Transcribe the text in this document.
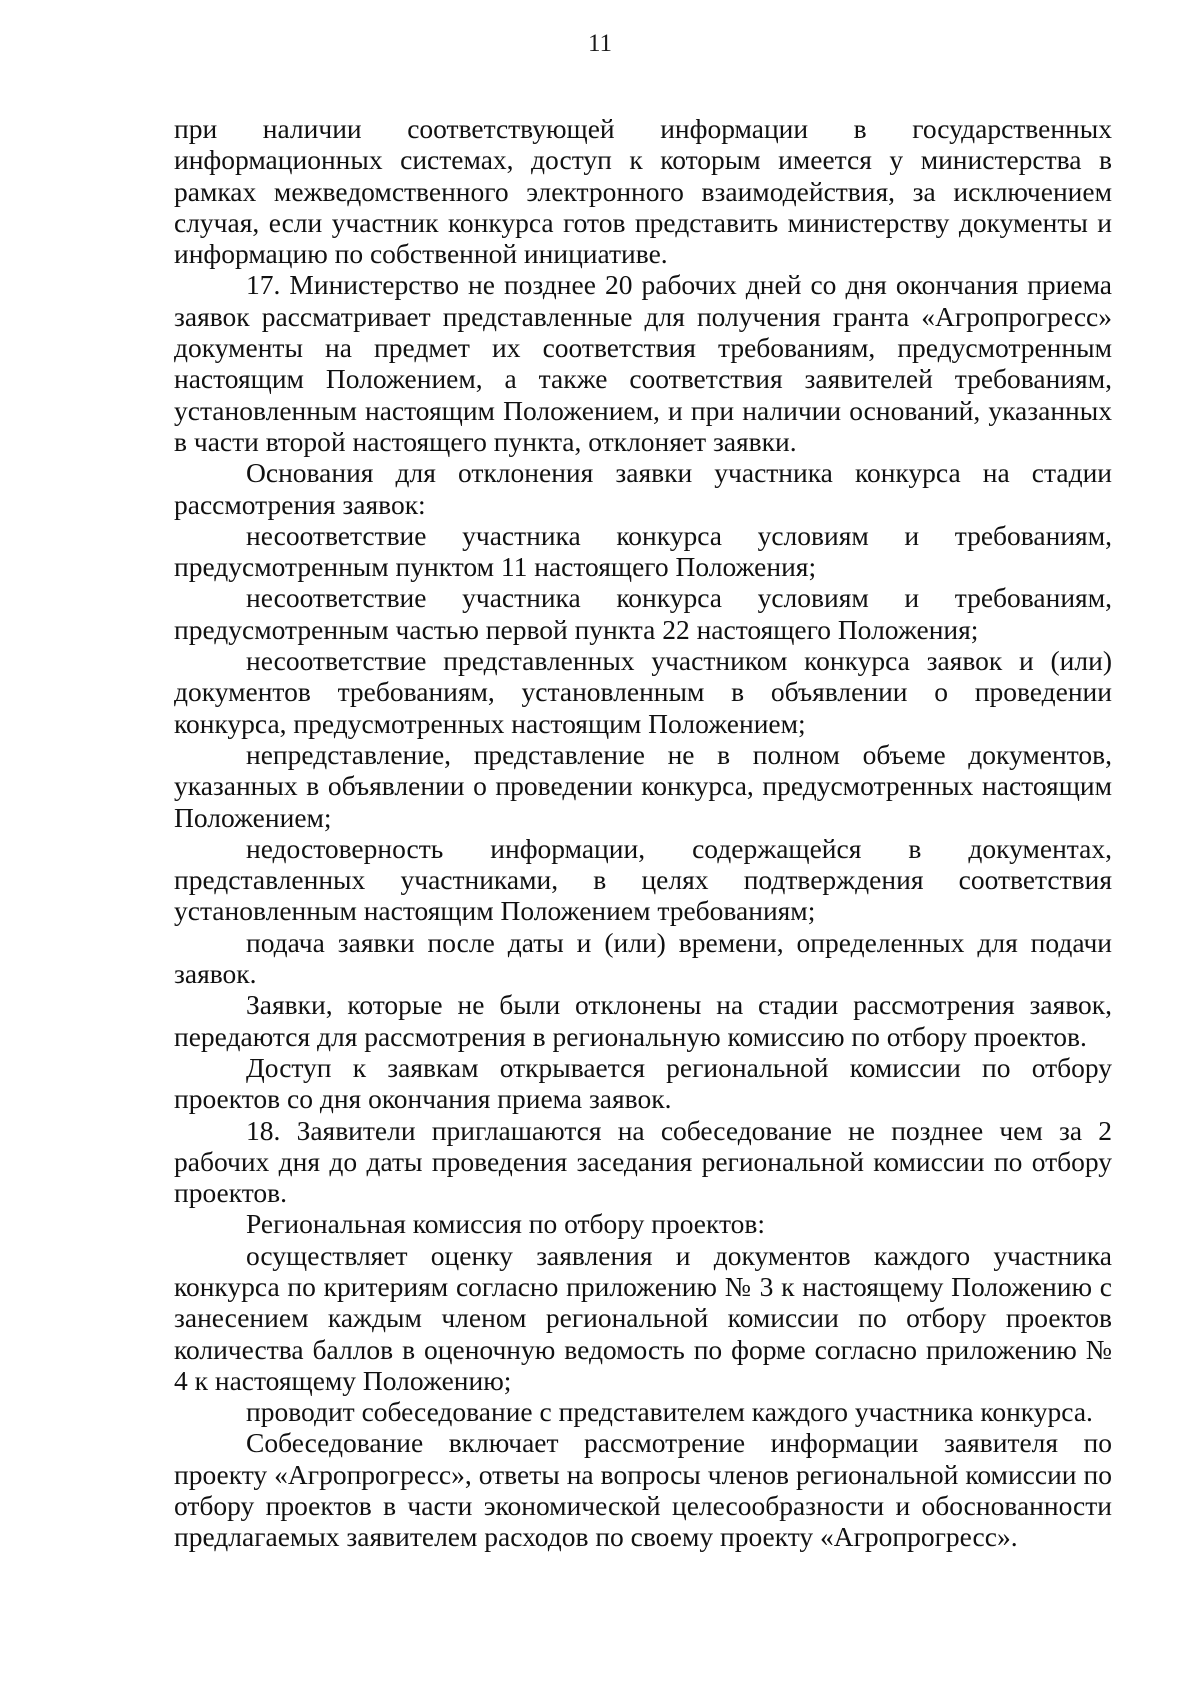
11

при наличии соответствующей информации в государственных информационных системах, доступ к которым имеется у министерства в рамках межведомственного электронного взаимодействия, за исключением случая, если участник конкурса готов представить министерству документы и информацию по собственной инициативе.

17. Министерство не позднее 20 рабочих дней со дня окончания приема заявок рассматривает представленные для получения гранта «Агропрогресс» документы на предмет их соответствия требованиям, предусмотренным настоящим Положением, а также соответствия заявителей требованиям, установленным настоящим Положением, и при наличии оснований, указанных в части второй настоящего пункта, отклоняет заявки.

Основания для отклонения заявки участника конкурса на стадии рассмотрения заявок:

несоответствие участника конкурса условиям и требованиям, предусмотренным пунктом 11 настоящего Положения;

несоответствие участника конкурса условиям и требованиям, предусмотренным частью первой пункта 22 настоящего Положения;

несоответствие представленных участником конкурса заявок и (или) документов требованиям, установленным в объявлении о проведении конкурса, предусмотренных настоящим Положением;

непредставление, представление не в полном объеме документов, указанных в объявлении о проведении конкурса, предусмотренных настоящим Положением;

недостоверность информации, содержащейся в документах, представленных участниками, в целях подтверждения соответствия установленным настоящим Положением требованиям;

подача заявки после даты и (или) времени, определенных для подачи заявок.

Заявки, которые не были отклонены на стадии рассмотрения заявок, передаются для рассмотрения в региональную комиссию по отбору проектов.

Доступ к заявкам открывается региональной комиссии по отбору проектов со дня окончания приема заявок.

18. Заявители приглашаются на собеседование не позднее чем за 2 рабочих дня до даты проведения заседания региональной комиссии по отбору проектов.

Региональная комиссия по отбору проектов:

осуществляет оценку заявления и документов каждого участника конкурса по критериям согласно приложению № 3 к настоящему Положению с занесением каждым членом региональной комиссии по отбору проектов количества баллов в оценочную ведомость по форме согласно приложению № 4 к настоящему Положению;

проводит собеседование с представителем каждого участника конкурса.

Собеседование включает рассмотрение информации заявителя по проекту «Агропрогресс», ответы на вопросы членов региональной комиссии по отбору проектов в части экономической целесообразности и обоснованности предлагаемых заявителем расходов по своему проекту «Агропрогресс».
